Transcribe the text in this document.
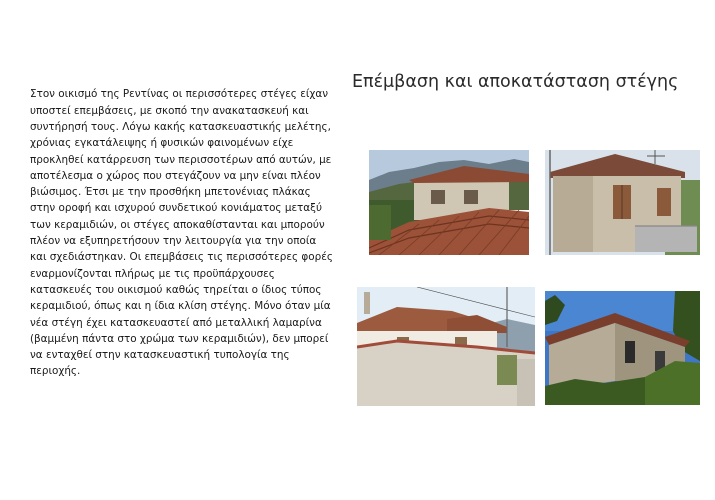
Επέμβαση και αποκατάσταση στέγης

Στον οικισμό της Ρεντίνας οι περισσότερες στέγες είχαν υποστεί επεμβάσεις, με σκοπό την ανακατασκευή και συντήρησή τους. Λόγω κακής κατασκευαστικής μελέτης, χρόνιας εγκατάλειψης ή φυσικών φαινομένων είχε προκληθεί κατάρρευση των περισσοτέρων από αυτών, με αποτέλεσμα ο χώρος που στεγάζουν να μην είναι πλέον βιώσιμος. Έτσι με την προσθήκη μπετονένιας πλάκας στην οροφή και ισχυρού συνδετικού κονιάματος μεταξύ των κεραμιδιών, οι στέγες αποκαθίστανται και μπορούν πλέον να εξυπηρετήσουν την λειτουργία για την οποία και σχεδιάστηκαν. Οι επεμβάσεις τις περισσότερες φορές εναρμονίζονται πλήρως με τις προϋπάρχουσες κατασκευές του οικισμού καθώς τηρείται ο ίδιος τύπος κεραμιδιού, όπως και η ίδια κλίση στέγης. Μόνο όταν μία νέα στέγη έχει κατασκευαστεί από μεταλλική λαμαρίνα (βαμμένη πάντα στο χρώμα των κεραμιδιών), δεν μπορεί να ενταχθεί στην κατασκευαστική τυπολογία της περιοχής.
